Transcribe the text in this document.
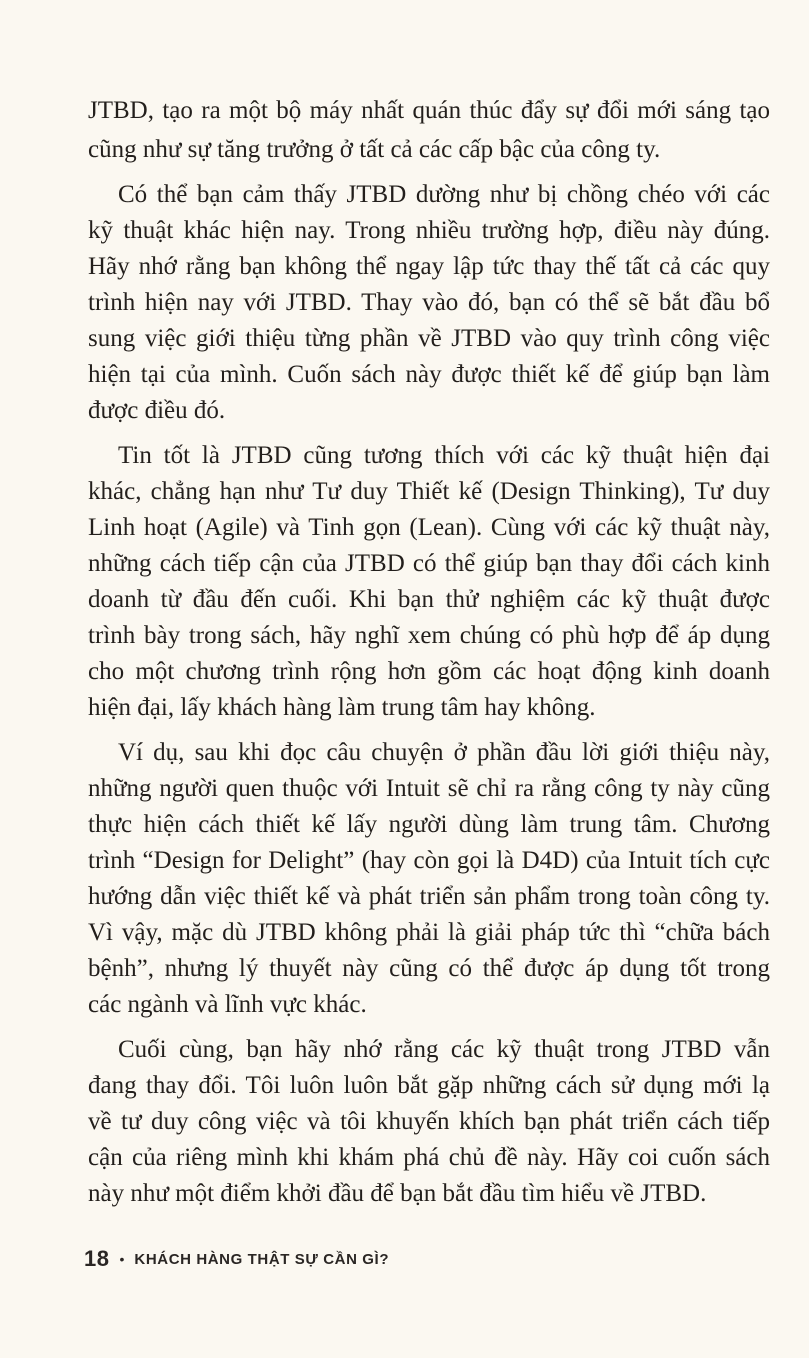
JTBD, tạo ra một bộ máy nhất quán thúc đẩy sự đổi mới sáng tạo
cũng như sự tăng trưởng ở tất cả các cấp bậc của công ty.
Có thể bạn cảm thấy JTBD dường như bị chồng chéo với các
kỹ thuật khác hiện nay. Trong nhiều trường hợp, điều này đúng.
Hãy nhớ rằng bạn không thể ngay lập tức thay thế tất cả các quy
trình hiện nay với JTBD. Thay vào đó, bạn có thể sẽ bắt đầu bổ
sung việc giới thiệu từng phần về JTBD vào quy trình công việc
hiện tại của mình. Cuốn sách này được thiết kế để giúp bạn làm
được điều đó.
Tin tốt là JTBD cũng tương thích với các kỹ thuật hiện đại
khác, chẳng hạn như Tư duy Thiết kế (Design Thinking), Tư duy
Linh hoạt (Agile) và Tinh gọn (Lean). Cùng với các kỹ thuật này,
những cách tiếp cận của JTBD có thể giúp bạn thay đổi cách kinh
doanh từ đầu đến cuối. Khi bạn thử nghiệm các kỹ thuật được
trình bày trong sách, hãy nghĩ xem chúng có phù hợp để áp dụng
cho một chương trình rộng hơn gồm các hoạt động kinh doanh
hiện đại, lấy khách hàng làm trung tâm hay không.
Ví dụ, sau khi đọc câu chuyện ở phần đầu lời giới thiệu này,
những người quen thuộc với Intuit sẽ chỉ ra rằng công ty này cũng
thực hiện cách thiết kế lấy người dùng làm trung tâm. Chương
trình “Design for Delight” (hay còn gọi là D4D) của Intuit tích cực
hướng dẫn việc thiết kế và phát triển sản phẩm trong toàn công ty.
Vì vậy, mặc dù JTBD không phải là giải pháp tức thì “chữa bách
bệnh”, nhưng lý thuyết này cũng có thể được áp dụng tốt trong
các ngành và lĩnh vực khác.
Cuối cùng, bạn hãy nhớ rằng các kỹ thuật trong JTBD vẫn
đang thay đổi. Tôi luôn luôn bắt gặp những cách sử dụng mới lạ
về tư duy công việc và tôi khuyến khích bạn phát triển cách tiếp
cận của riêng mình khi khám phá chủ đề này. Hãy coi cuốn sách
này như một điểm khởi đầu để bạn bắt đầu tìm hiểu về JTBD.
18 • KHÁCH HÀNG THẬT SỰ CẦN GÌ?
